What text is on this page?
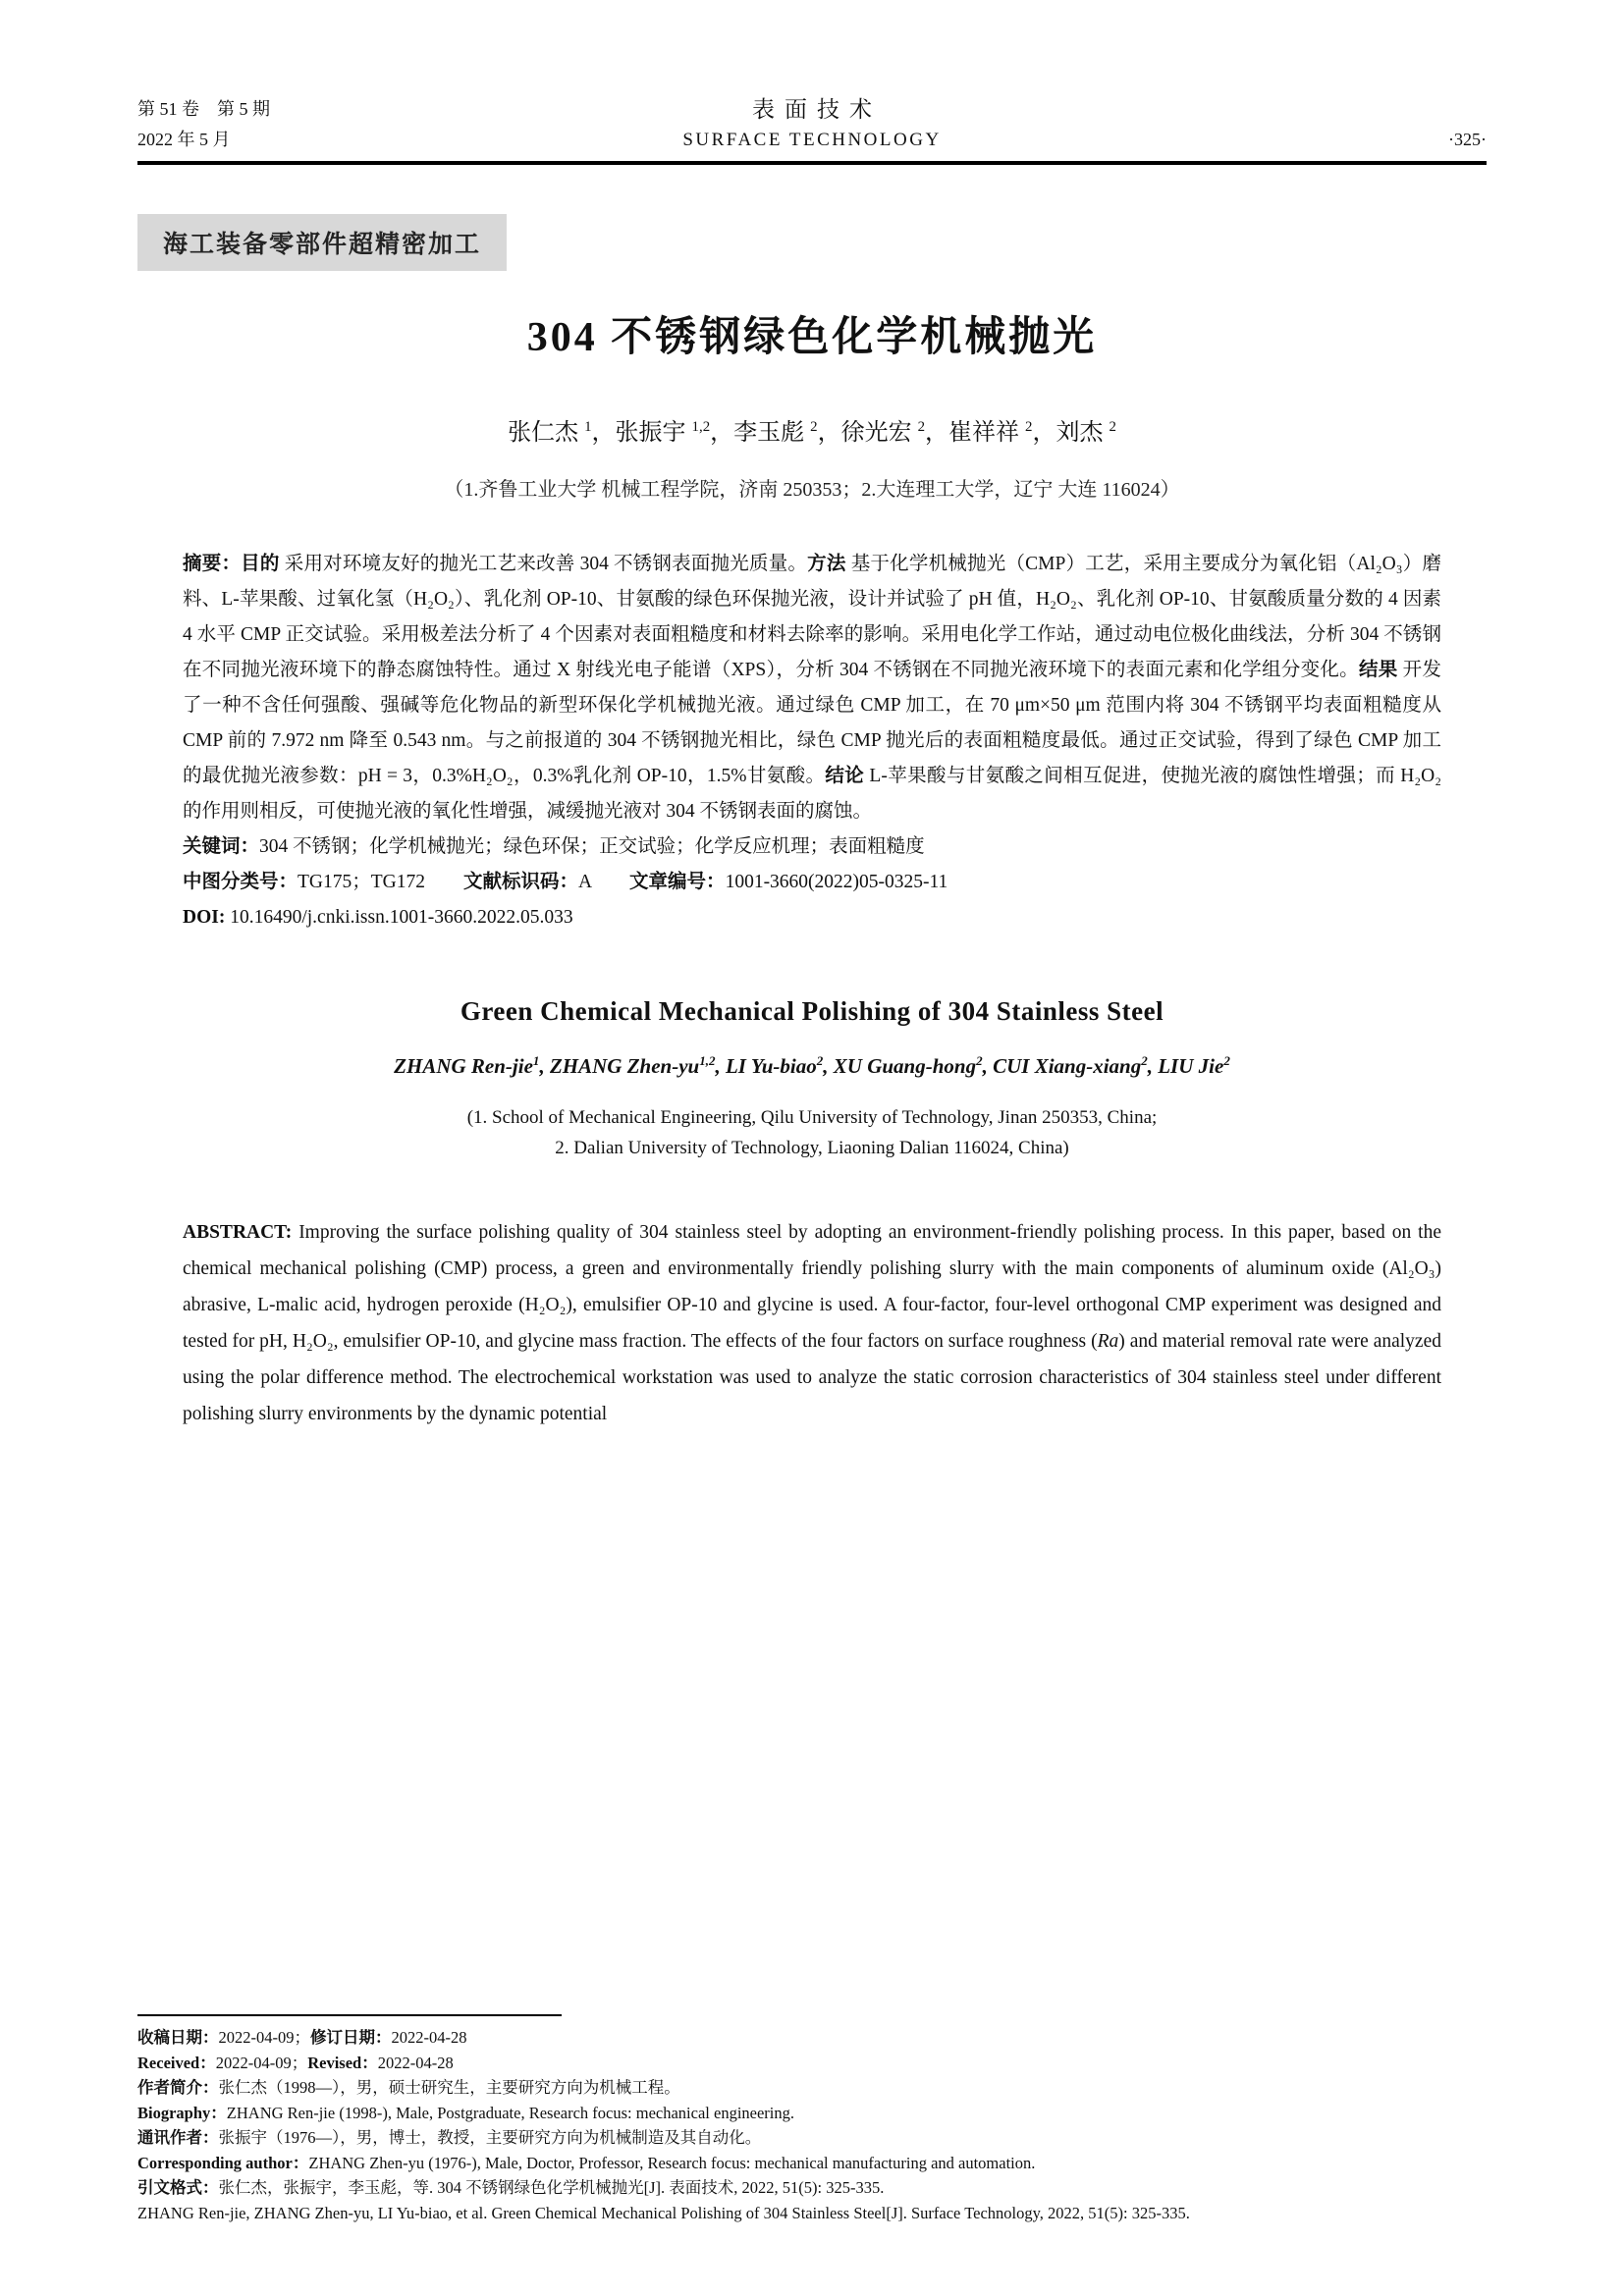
第 51 卷　第 5 期
2022 年 5 月
表面技术
SURFACE TECHNOLOGY
	·325·
海工装备零部件超精密加工
304 不锈钢绿色化学机械抛光
张仁杰 $^1$，张振宇 $^{1,2}$，李玉彪 $^2$，徐光宏 $^2$，崔祥祥 $^2$，刘杰 $^2$
（1.齐鲁工业大学 机械工程学院，济南 250353；2.大连理工大学，辽宁 大连 116024）

摘要：目的 采用对环境友好的抛光工艺来改善 304 不锈钢表面抛光质量。方法 基于化学机械抛光（CMP）工艺，采用主要成分为氧化铝（Al₂O₃）磨料、L-苹果酸、过氧化氢（H₂O₂）、乳化剂 OP-10、甘氨酸的绿色环保抛光液，设计并试验了 pH 值，H₂O₂、乳化剂 OP-10、甘氨酸质量分数的 4 因素 4 水平 CMP 正交试验。采用极差法分析了 4 个因素对表面粗糙度和材料去除率的影响。采用电化学工作站，通过动电位极化曲线法，分析 304 不锈钢在不同抛光液环境下的静态腐蚀特性。通过 X 射线光电子能谱（XPS），分析 304 不锈钢在不同抛光液环境下的表面元素和化学组分变化。结果 开发了一种不含任何强酸、强碱等危化物品的新型环保化学机械抛光液。通过绿色 CMP 加工，在 70 μm×50 μm 范围内将 304 不锈钢平均表面粗糙度从 CMP 前的 7.972 nm 降至 0.543 nm。与之前报道的 304 不锈钢抛光相比，绿色 CMP 抛光后的表面粗糙度最低。通过正交试验，得到了绿色 CMP 加工的最优抛光液参数：pH = 3，0.3%H₂O₂，0.3%乳化剂 OP-10，1.5%甘氨酸。结论 L-苹果酸与甘氨酸之间相互促进，使抛光液的腐蚀性增强；而 H₂O₂ 的作用则相反，可使抛光液的氧化性增强，减缓抛光液对 304 不锈钢表面的腐蚀。

关键词：304 不锈钢；化学机械抛光；绿色环保；正交试验；化学反应机理；表面粗糙度

中图分类号：TG175；TG172　　文献标识码：A　　文章编号：1001-3660(2022)05-0325-11

DOI: 10.16490/j.cnki.issn.1001-3660.2022.05.033

Green Chemical Mechanical Polishing of 304 Stainless Steel
ZHANG Ren-jie$^1$, ZHANG Zhen-yu$^{1,2}$, LI Yu-biao$^2$, XU Guang-hong$^2$, CUI Xiang-xiang$^2$, LIU Jie$^2$
(1. School of Mechanical Engineering, Qilu University of Technology, Jinan 250353, China;
2. Dalian University of Technology, Liaoning Dalian 116024, China)

ABSTRACT: Improving the surface polishing quality of 304 stainless steel by adopting an environment-friendly polishing process. In this paper, based on the chemical mechanical polishing (CMP) process, a green and environmentally friendly polishing slurry with the main components of aluminum oxide (Al₂O₃) abrasive, L-malic acid, hydrogen peroxide (H₂O₂), emulsifier OP-10 and glycine is used. A four-factor, four-level orthogonal CMP experiment was designed and tested for pH, H₂O₂, emulsifier OP-10, and glycine mass fraction. The effects of the four factors on surface roughness (Ra) and material removal rate were analyzed using the polar difference method. The electrochemical workstation was used to analyze the static corrosion characteristics of 304 stainless steel under different polishing slurry environments by the dynamic potential

收稿日期：2022-04-09；修订日期：2022-04-28

Received：2022-04-09；Revised：2022-04-28

作者简介：张仁杰（1998—），男，硕士研究生，主要研究方向为机械工程。

Biography：ZHANG Ren-jie (1998-), Male, Postgraduate, Research focus: mechanical engineering.

通讯作者：张振宇（1976—），男，博士，教授，主要研究方向为机械制造及其自动化。

Corresponding author：ZHANG Zhen-yu (1976-), Male, Doctor, Professor, Research focus: mechanical manufacturing and automation.

引文格式：张仁杰，张振宇，李玉彪，等. 304 不锈钢绿色化学机械抛光[J]. 表面技术, 2022, 51(5): 325-335.

ZHANG Ren-jie, ZHANG Zhen-yu, LI Yu-biao, et al. Green Chemical Mechanical Polishing of 304 Stainless Steel[J]. Surface Technology, 2022, 51(5): 325-335.
